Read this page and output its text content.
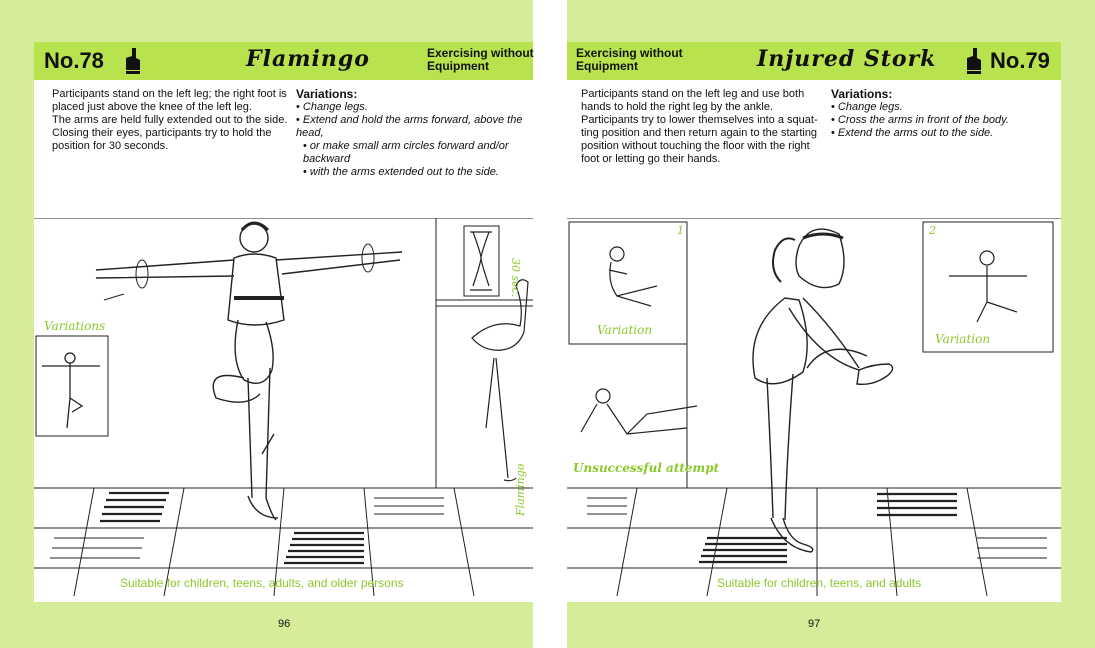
No.78	Flamingo	Exercising without Equipment
Participants stand on the left leg; the right foot is
placed just above the knee of the left leg.
The arms are held fully extended out to the side.
Closing their eyes, participants try to hold the
position for 30 seconds.
Variations:
• Change legs.
• Extend and hold the arms forward, above the head,
• or make small arm circles forward and/or backward
• with the arms extended out to the side.
Variations
30 sec.
Flamingo
Suitable for children, teens, adults, and older persons
96
Exercising without Equipment	Injured Stork No.79
Participants stand on the left leg and use both
hands to hold the right leg by the ankle.
Participants try to lower themselves into a squat-
ting position and then return again to the starting
position without touching the floor with the right
foot or letting go their hands.
Variations:
• Change legs.
• Cross the arms in front of the body.
• Extend the arms out to the side.
1	2
Variation
Variation
Unsuccessful attempt
Suitable for children, teens, and adults
97
